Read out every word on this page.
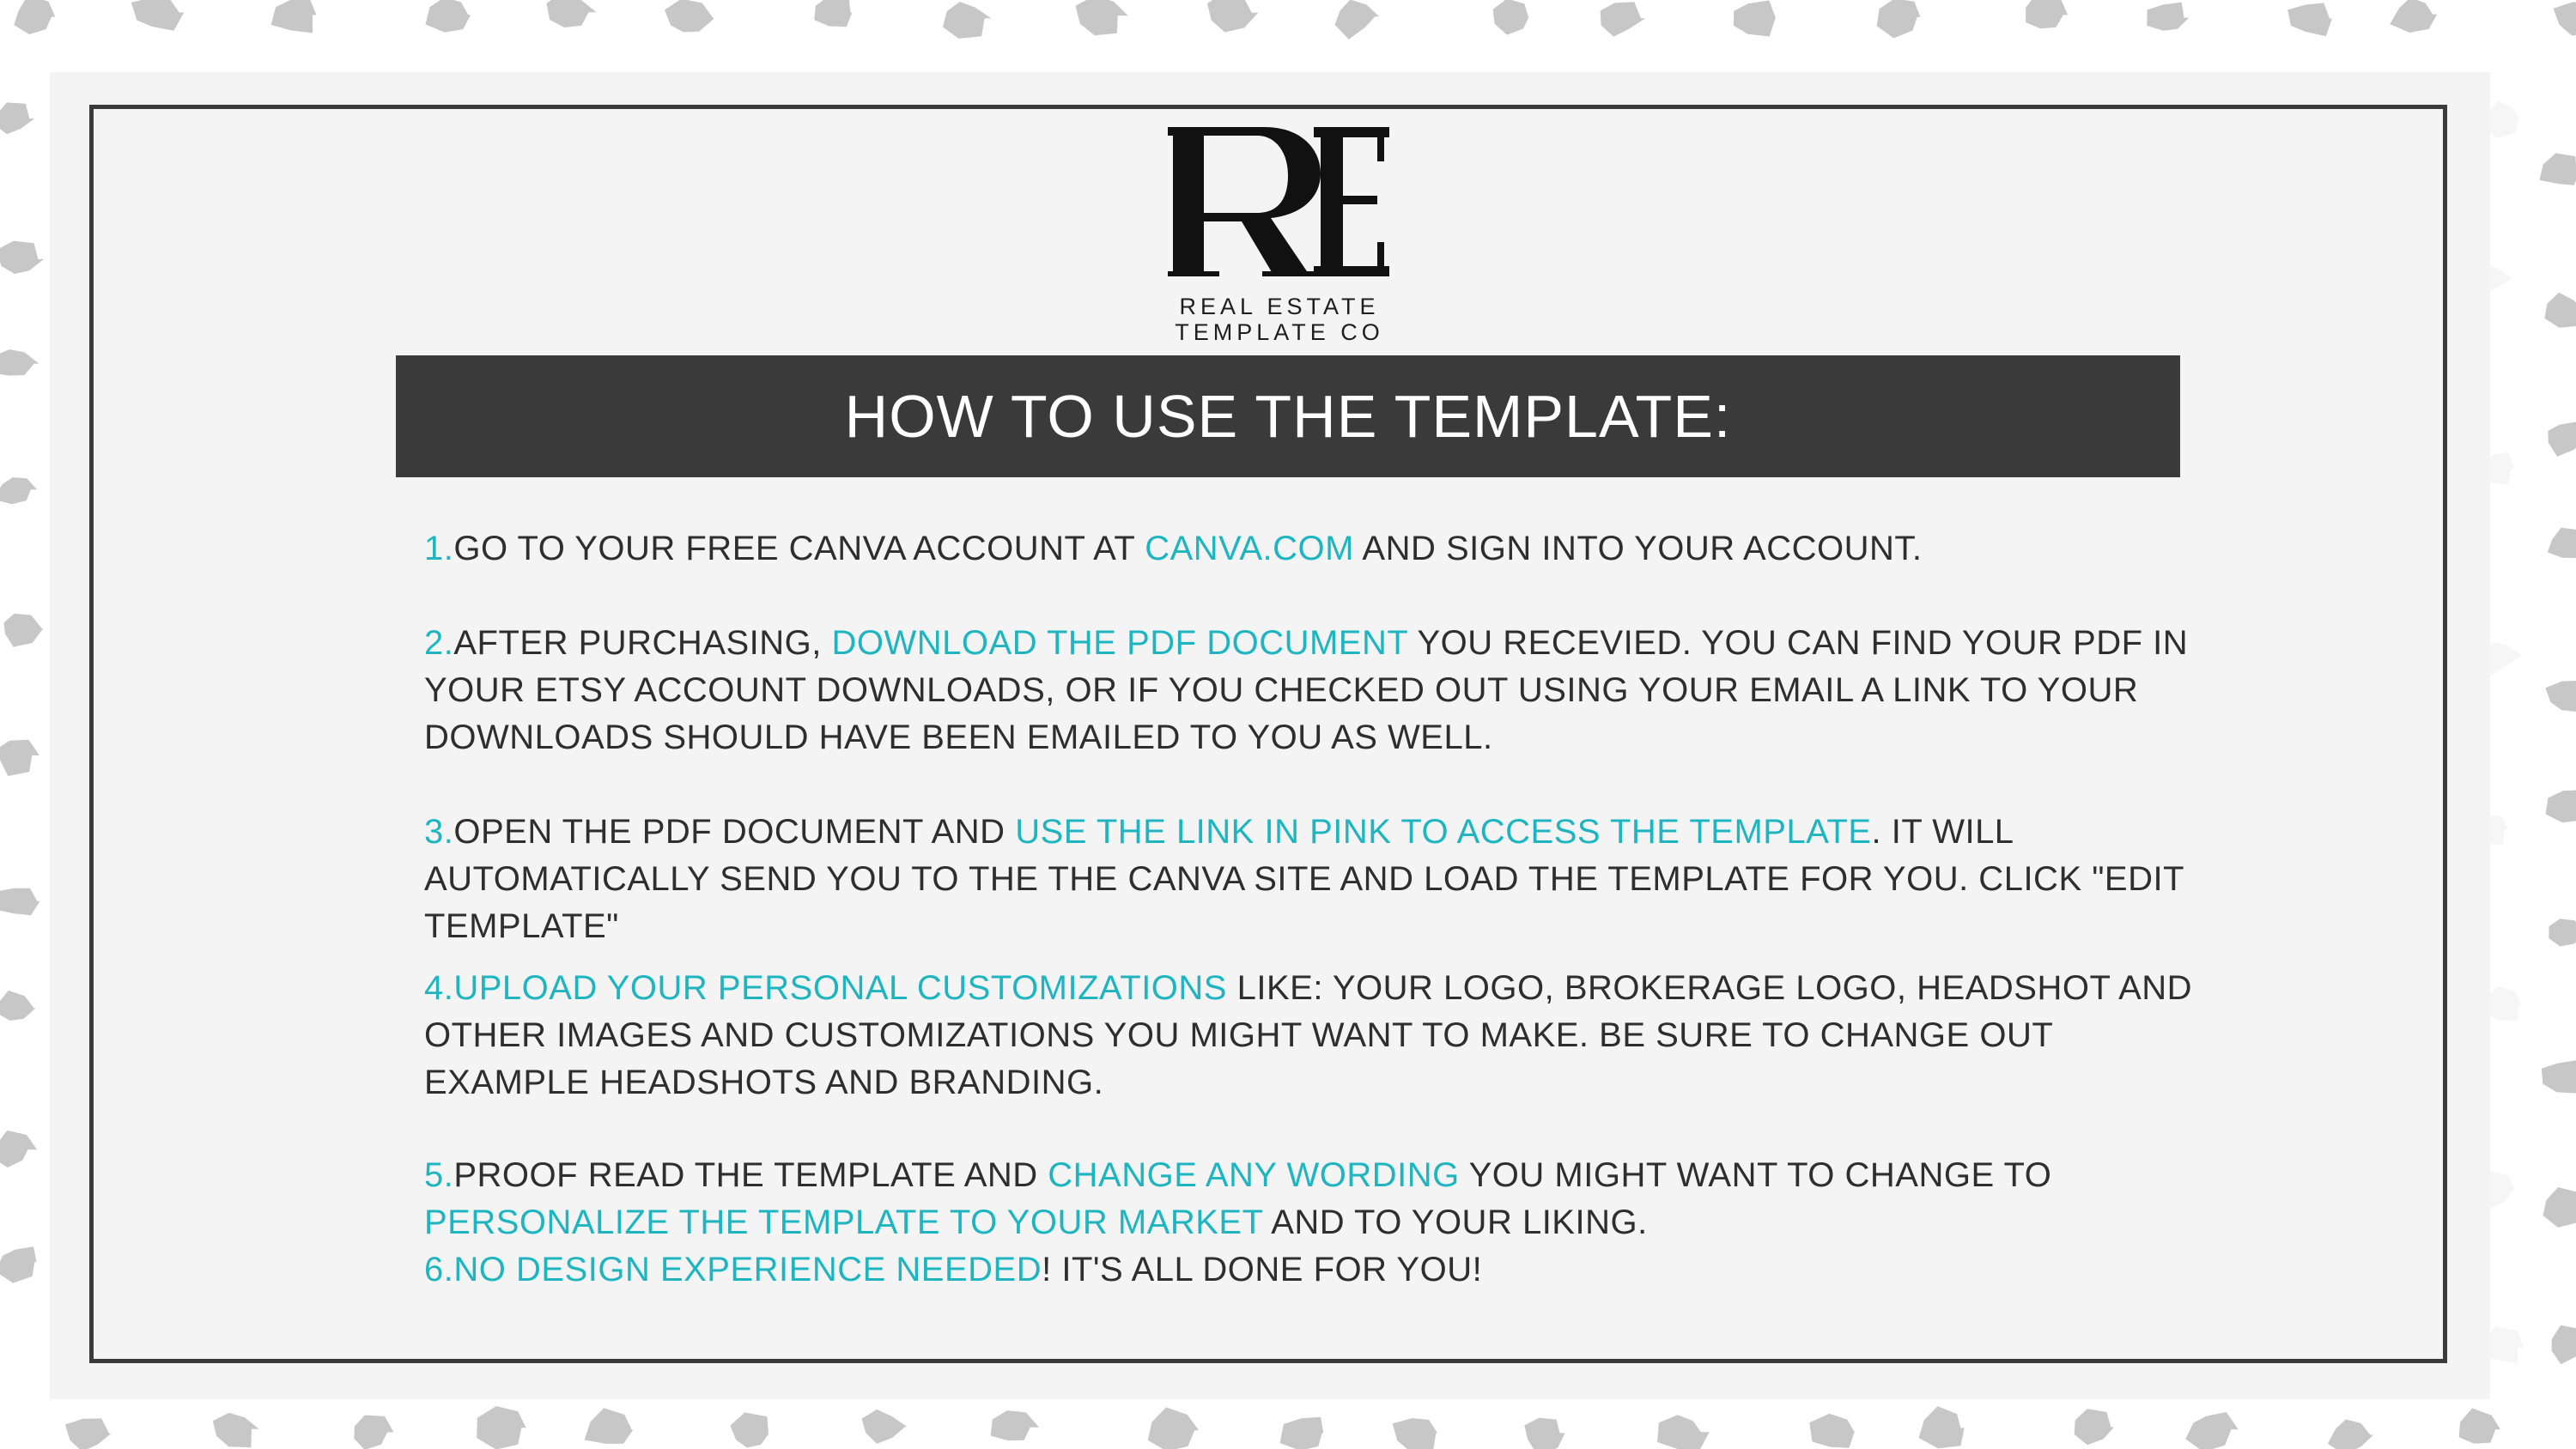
REAL ESTATE
TEMPLATE CO
HOW TO USE THE TEMPLATE:
1.GO TO YOUR FREE CANVA ACCOUNT AT CANVA.COM AND SIGN INTO YOUR ACCOUNT.
2.AFTER PURCHASING, DOWNLOAD THE PDF DOCUMENT YOU RECEVIED. YOU CAN FIND YOUR PDF IN YOUR ETSY ACCOUNT DOWNLOADS, OR IF YOU CHECKED OUT USING YOUR EMAIL A LINK TO YOUR DOWNLOADS SHOULD HAVE BEEN EMAILED TO YOU AS WELL.
3.OPEN THE PDF DOCUMENT AND USE THE LINK IN PINK TO ACCESS THE TEMPLATE. IT WILL AUTOMATICALLY SEND YOU TO THE THE CANVA SITE AND LOAD THE TEMPLATE FOR YOU. CLICK "EDIT TEMPLATE"
4.UPLOAD YOUR PERSONAL CUSTOMIZATIONS LIKE: YOUR LOGO, BROKERAGE LOGO, HEADSHOT AND OTHER IMAGES AND CUSTOMIZATIONS YOU MIGHT WANT TO MAKE. BE SURE TO CHANGE OUT EXAMPLE HEADSHOTS AND BRANDING.
5.PROOF READ THE TEMPLATE AND CHANGE ANY WORDING YOU MIGHT WANT TO CHANGE TO PERSONALIZE THE TEMPLATE TO YOUR MARKET AND TO YOUR LIKING.
6.NO DESIGN EXPERIENCE NEEDED! IT'S ALL DONE FOR YOU!
